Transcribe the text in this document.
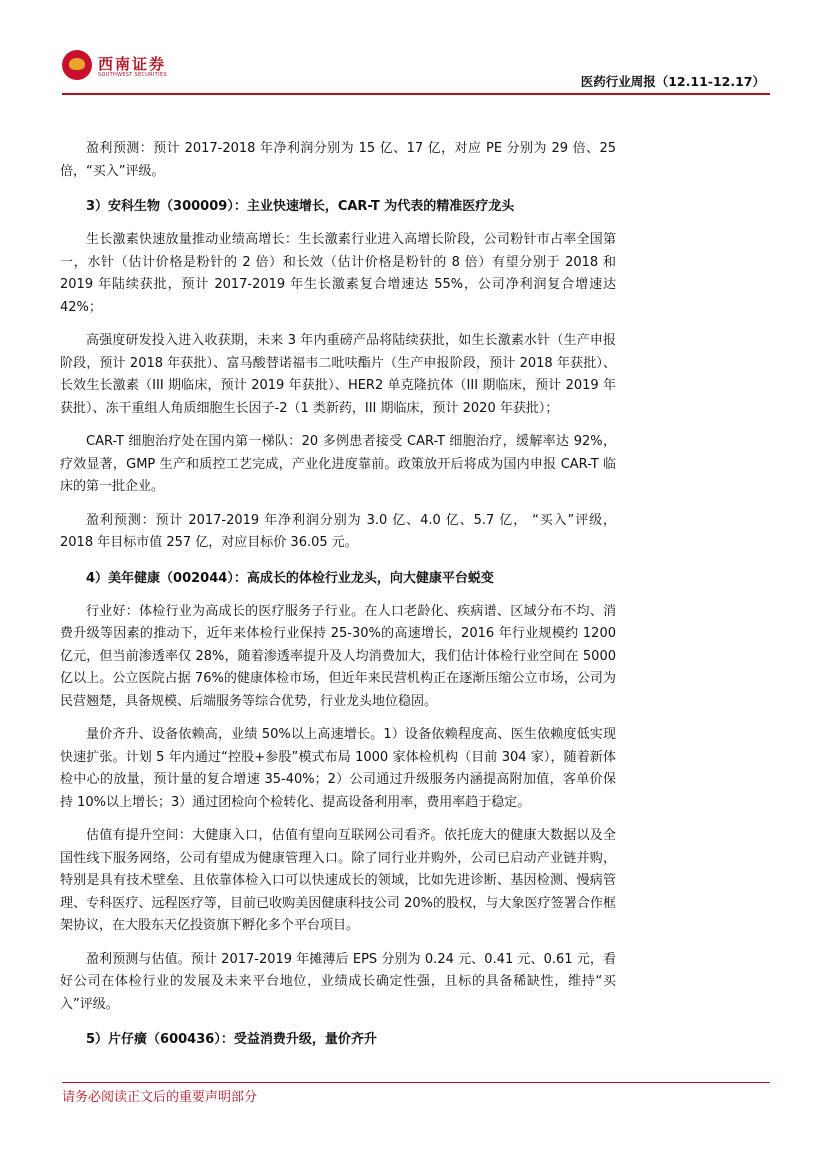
西南证券
SOUTHWEST SECURITIES	医药行业周报（12.11-12.17）

盈利预测：预计 2017-2018 年净利润分别为 15 亿、17 亿，对应 PE 分别为 29 倍、25 倍，“买入”评级。

3）安科生物（300009）：主业快速增长，CAR-T 为代表的精准医疗龙头

生长激素快速放量推动业绩高增长：生长激素行业进入高增长阶段，公司粉针市占率全国第一，水针（估计价格是粉针的 2 倍）和长效（估计价格是粉针的 8 倍）有望分别于 2018 和 2019 年陆续获批，预计 2017-2019 年生长激素复合增速达 55%，公司净利润复合增速达 42%；

高强度研发投入进入收获期，未来 3 年内重磅产品将陆续获批，如生长激素水针（生产申报阶段，预计 2018 年获批）、富马酸替诺福韦二吡呋酯片（生产申报阶段，预计 2018 年获批）、长效生长激素（III 期临床，预计 2019 年获批）、HER2 单克隆抗体（III 期临床，预计 2019 年获批）、冻干重组人角质细胞生长因子-2（1 类新药，III 期临床，预计 2020 年获批）；

CAR-T 细胞治疗处在国内第一梯队：20 多例患者接受 CAR-T 细胞治疗，缓解率达 92%，疗效显著，GMP 生产和质控工艺完成，产业化进度靠前。政策放开后将成为国内申报 CAR-T 临床的第一批企业。

盈利预测：预计 2017-2019 年净利润分别为 3.0 亿、4.0 亿、5.7 亿， “买入”评级，2018 年目标市值 257 亿，对应目标价 36.05 元。

4）美年健康（002044）：高成长的体检行业龙头，向大健康平台蜕变

行业好：体检行业为高成长的医疗服务子行业。在人口老龄化、疾病谱、区域分布不均、消费升级等因素的推动下，近年来体检行业保持 25-30%的高速增长，2016 年行业规模约 1200 亿元，但当前渗透率仅 28%，随着渗透率提升及人均消费加大，我们估计体检行业空间在 5000 亿以上。公立医院占据 76%的健康体检市场，但近年来民营机构正在逐渐压缩公立市场，公司为民营翘楚，具备规模、后端服务等综合优势，行业龙头地位稳固。

量价齐升、设备依赖高，业绩 50%以上高速增长。1）设备依赖程度高、医生依赖度低实现快速扩张。计划 5 年内通过“控股+参股”模式布局 1000 家体检机构（目前 304 家），随着新体检中心的放量，预计量的复合增速 35-40%；2）公司通过升级服务内涵提高附加值，客单价保持 10%以上增长；3）通过团检向个检转化、提高设备利用率，费用率趋于稳定。

估值有提升空间：大健康入口，估值有望向互联网公司看齐。依托庞大的健康大数据以及全国性线下服务网络，公司有望成为健康管理入口。除了同行业并购外，公司已启动产业链并购，特别是具有技术壁垒、且依靠体检入口可以快速成长的领域，比如先进诊断、基因检测、慢病管理、专科医疗、远程医疗等，目前已收购美因健康科技公司 20%的股权，与大象医疗签署合作框架协议，在大股东天亿投资旗下孵化多个平台项目。

盈利预测与估值。预计 2017-2019 年摊薄后 EPS 分别为 0.24 元、0.41 元、0.61 元，看好公司在体检行业的发展及未来平台地位，业绩成长确定性强，且标的具备稀缺性，维持“买入”评级。

5）片仔癀（600436）：受益消费升级，量价齐升
请务必阅读正文后的重要声明部分
